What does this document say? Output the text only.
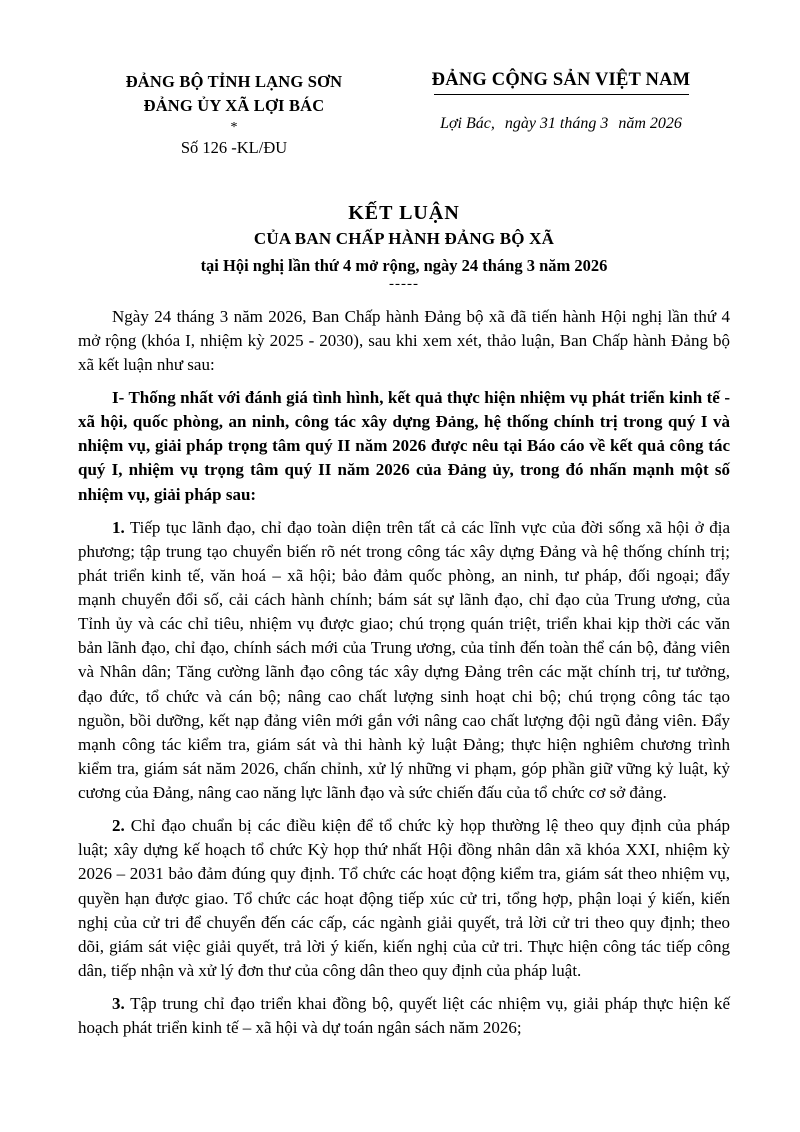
ĐẢNG BỘ TỈNH LẠNG SƠN
ĐẢNG ỦY XÃ LỢI BÁC
*
Số 126 -KL/ĐU
ĐẢNG CỘNG SẢN VIỆT NAM
Lợi Bác, ngày 31 tháng 3 năm 2026
KẾT LUẬN
CỦA BAN CHẤP HÀNH ĐẢNG BỘ XÃ
tại Hội nghị lần thứ 4 mở rộng, ngày 24 tháng 3 năm 2026
-----

Ngày 24 tháng 3 năm 2026, Ban Chấp hành Đảng bộ xã đã tiến hành Hội nghị lần thứ 4 mở rộng (khóa I, nhiệm kỳ 2025 - 2030), sau khi xem xét, thảo luận, Ban Chấp hành Đảng bộ xã kết luận như sau:

I- Thống nhất với đánh giá tình hình, kết quả thực hiện nhiệm vụ phát triển kinh tế - xã hội, quốc phòng, an ninh, công tác xây dựng Đảng, hệ thống chính trị trong quý I và nhiệm vụ, giải pháp trọng tâm quý II năm 2026 được nêu tại Báo cáo về kết quả công tác quý I, nhiệm vụ trọng tâm quý II năm 2026 của Đảng ủy, trong đó nhấn mạnh một số nhiệm vụ, giải pháp sau:

1. Tiếp tục lãnh đạo, chỉ đạo toàn diện trên tất cả các lĩnh vực của đời sống xã hội ở địa phương; tập trung tạo chuyển biến rõ nét trong công tác xây dựng Đảng và hệ thống chính trị; phát triển kinh tế, văn hoá – xã hội; bảo đảm quốc phòng, an ninh, tư pháp, đối ngoại; đẩy mạnh chuyển đổi số, cải cách hành chính; bám sát sự lãnh đạo, chỉ đạo của Trung ương, của Tỉnh ủy và các chỉ tiêu, nhiệm vụ được giao; chú trọng quán triệt, triển khai kịp thời các văn bản lãnh đạo, chỉ đạo, chính sách mới của Trung ương, của tỉnh đến toàn thể cán bộ, đảng viên và Nhân dân; Tăng cường lãnh đạo công tác xây dựng Đảng trên các mặt chính trị, tư tưởng, đạo đức, tổ chức và cán bộ; nâng cao chất lượng sinh hoạt chi bộ; chú trọng công tác tạo nguồn, bồi dưỡng, kết nạp đảng viên mới gắn với nâng cao chất lượng đội ngũ đảng viên. Đẩy mạnh công tác kiểm tra, giám sát và thi hành kỷ luật Đảng; thực hiện nghiêm chương trình kiểm tra, giám sát năm 2026, chấn chỉnh, xử lý những vi phạm, góp phần giữ vững kỷ luật, kỷ cương của Đảng, nâng cao năng lực lãnh đạo và sức chiến đấu của tổ chức cơ sở đảng.

2. Chỉ đạo chuẩn bị các điều kiện để tổ chức kỳ họp thường lệ theo quy định của pháp luật; xây dựng kế hoạch tổ chức Kỳ họp thứ nhất Hội đồng nhân dân xã khóa XXI, nhiệm kỳ 2026 – 2031 bảo đảm đúng quy định. Tổ chức các hoạt động kiểm tra, giám sát theo nhiệm vụ, quyền hạn được giao. Tổ chức các hoạt động tiếp xúc cử tri, tổng hợp, phận loại ý kiến, kiến nghị của cử tri để chuyển đến các cấp, các ngành giải quyết, trả lời cử tri theo quy định; theo dõi, giám sát việc giải quyết, trả lời ý kiến, kiến nghị của cử tri. Thực hiện công tác tiếp công dân, tiếp nhận và xử lý đơn thư của công dân theo quy định của pháp luật.

3. Tập trung chỉ đạo triển khai đồng bộ, quyết liệt các nhiệm vụ, giải pháp thực hiện kế hoạch phát triển kinh tế – xã hội và dự toán ngân sách năm 2026;
